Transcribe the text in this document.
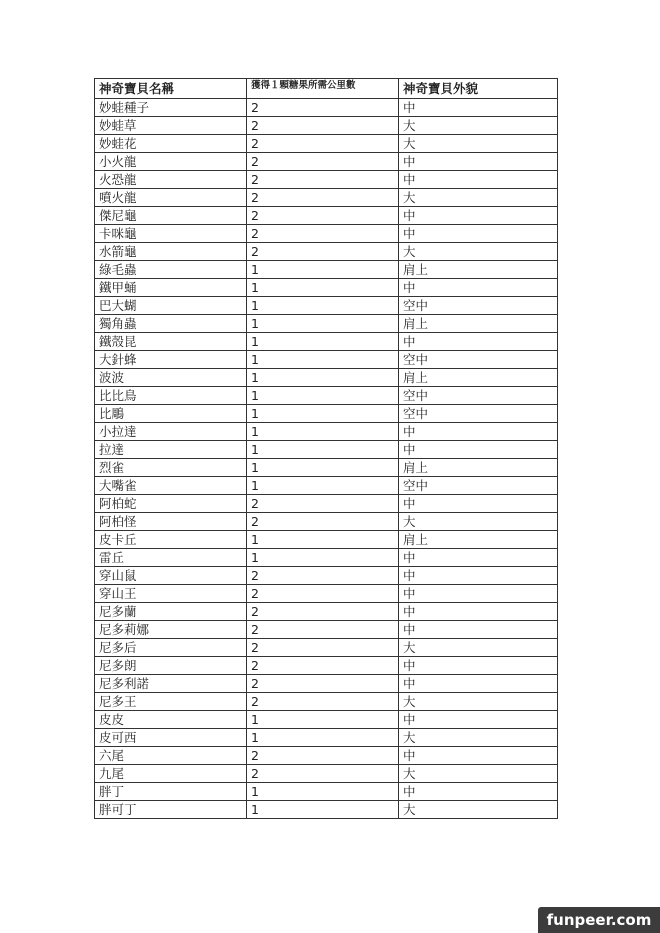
神奇寶貝名稱	獲得１顆糖果所需公里數	神奇寶貝外貌
妙蛙種子	2	中
妙蛙草	2	大
妙蛙花	2	大
小火龍	2	中
火恐龍	2	中
噴火龍	2	大
傑尼龜	2	中
卡咪龜	2	中
水箭龜	2	大
綠毛蟲	1	肩上
鐵甲蛹	1	中
巴大蝴	1	空中
獨角蟲	1	肩上
鐵殼昆	1	中
大針蜂	1	空中
波波	1	肩上
比比鳥	1	空中
比鵰	1	空中
小拉達	1	中
拉達	1	中
烈雀	1	肩上
大嘴雀	1	空中
阿柏蛇	2	中
阿柏怪	2	大
皮卡丘	1	肩上
雷丘	1	中
穿山鼠	2	中
穿山王	2	中
尼多蘭	2	中
尼多莉娜	2	中
尼多后	2	大
尼多朗	2	中
尼多利諾	2	中
尼多王	2	大
皮皮	1	中
皮可西	1	大
六尾	2	中
九尾	2	大
胖丁	1	中
胖可丁	1	大
funpeer.com
